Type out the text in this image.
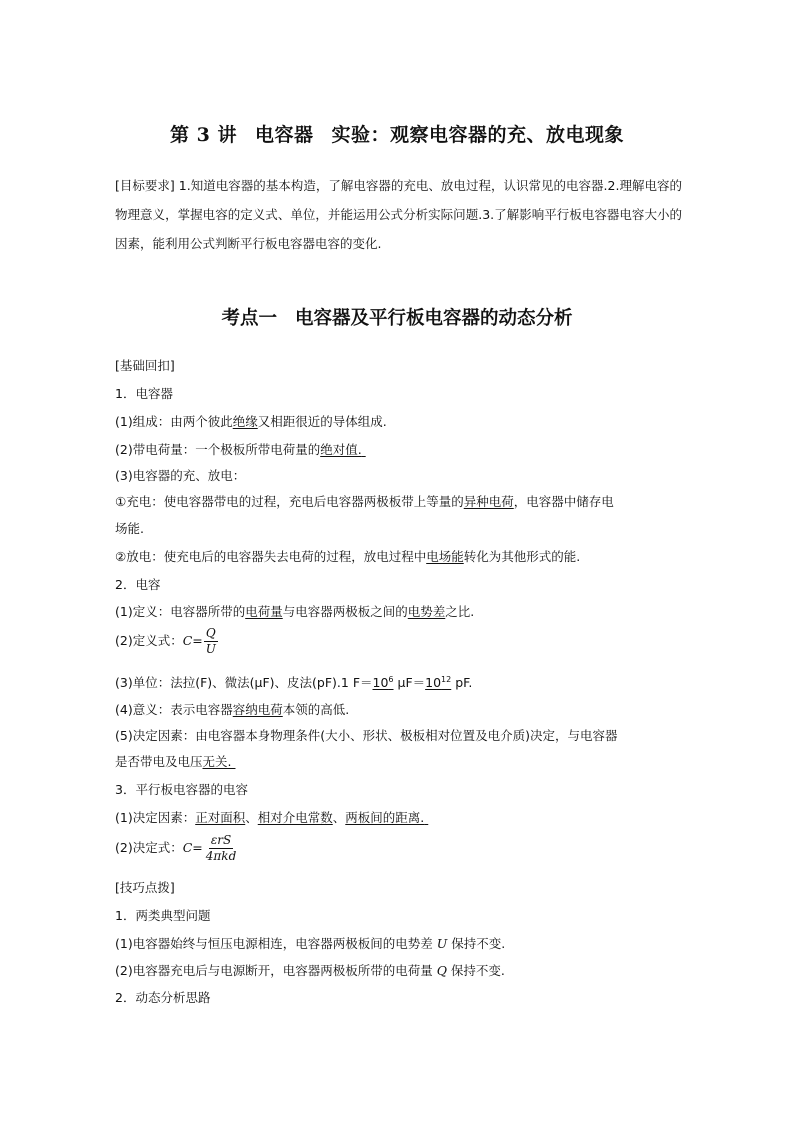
第 3 讲 电容器 实验：观察电容器的充、放电现象
[目标要求] 1.知道电容器的基本构造，了解电容器的充电、放电过程，认识常见的电容器.2.理解电容的物理意义，掌握电容的定义式、单位，并能运用公式分析实际问题.3.了解影响平行板电容器电容大小的因素，能利用公式判断平行板电容器电容的变化.
考点一 电容器及平行板电容器的动态分析
[基础回扣]
1．电容器
(1)组成：由两个彼此绝缘又相距很近的导体组成.
(2)带电荷量：一个极板所带电荷量的绝对值.
(3)电容器的充、放电：
①充电：使电容器带电的过程，充电后电容器两极板带上等量的异种电荷，电容器中储存电
场能.
②放电：使充电后的电容器失去电荷的过程，放电过程中电场能转化为其他形式的能.
2．电容
(1)定义：电容器所带的电荷量与电容器两极板之间的电势差之比.
(2)定义式：$C= \frac{Q}{U}$
(3)单位：法拉(F)、微法(μF)、皮法(pF).1 $F=10^6$ $\mu F=10^{12}$ pF.
(4)意义：表示电容器容纳电荷本领的高低.
(5)决定因素：由电容器本身物理条件(大小、形状、极板相对位置及电介质)决定，与电容器
是否带电及电压无关.
3．平行板电容器的电容
(1)决定因素：正对面积、相对介电常数、两板间的距离.
(2)决定式：$C= \frac{\text{εrS}}{\text{4πkd}}$
[技巧点拨]
1．两类典型问题
(1)电容器始终与恒压电源相连，电容器两极板间的电势差 U 保持不变.
(2)电容器充电后与电源断开，电容器两极板所带的电荷量 Q 保持不变.
2．动态分析思路
